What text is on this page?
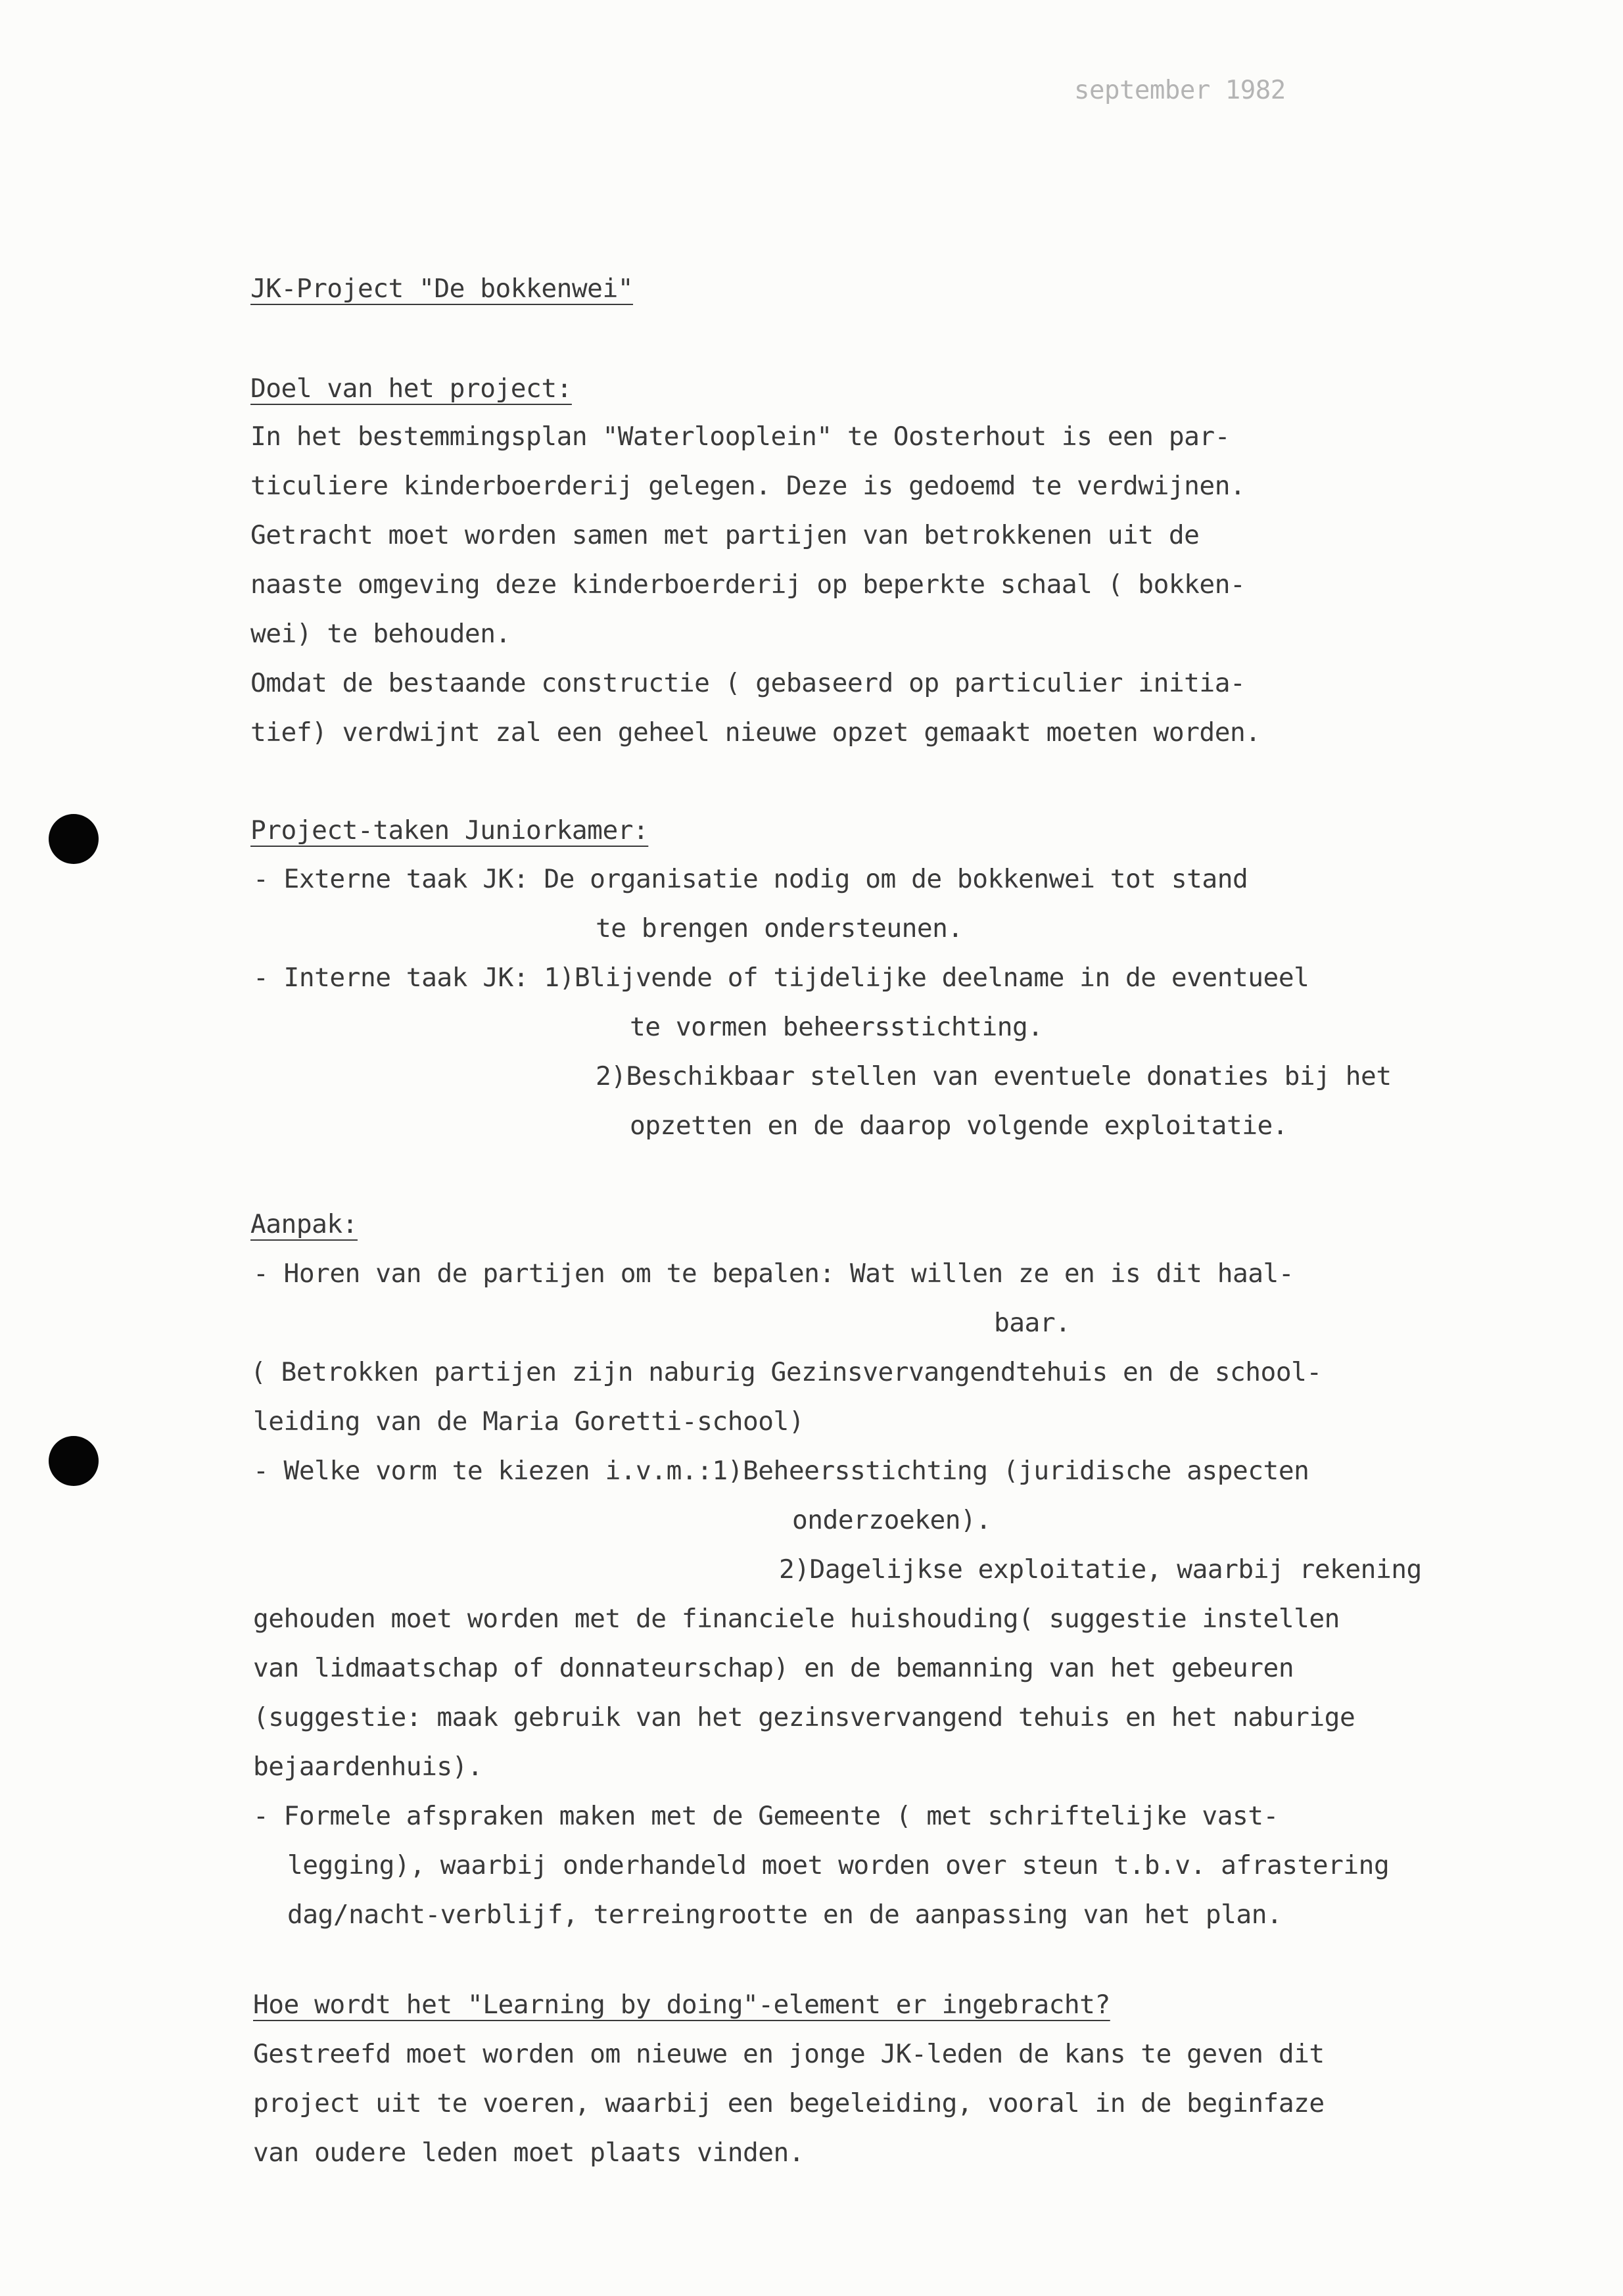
september 1982
JK-Project "De bokkenwei"
Doel van het project:
In het bestemmingsplan "Waterlooplein" te Oosterhout is een par-
ticuliere kinderboerderij gelegen. Deze is gedoemd te verdwijnen.
Getracht moet worden samen met partijen van betrokkenen uit de
naaste omgeving deze kinderboerderij op beperkte schaal ( bokken-
wei) te behouden.
Omdat de bestaande constructie ( gebaseerd op particulier initia-
tief) verdwijnt zal een geheel nieuwe opzet gemaakt moeten worden.
Project-taken Juniorkamer:
- Externe taak JK: De organisatie nodig om de bokkenwei tot stand
te brengen ondersteunen.
- Interne taak JK: 1)Blijvende of tijdelijke deelname in de eventueel
te vormen beheersstichting.
2)Beschikbaar stellen van eventuele donaties bij het
opzetten en de daarop volgende exploitatie.
Aanpak:
- Horen van de partijen om te bepalen: Wat willen ze en is dit haal-
baar.
( Betrokken partijen zijn naburig Gezinsvervangendtehuis en de school-
leiding van de Maria Goretti-school)
- Welke vorm te kiezen i.v.m.:1)Beheersstichting (juridische aspecten
onderzoeken).
2)Dagelijkse exploitatie, waarbij rekening
gehouden moet worden met de financiele huishouding( suggestie instellen
van lidmaatschap of donnateurschap) en de bemanning van het gebeuren
(suggestie: maak gebruik van het gezinsvervangend tehuis en het naburige
bejaardenhuis).
- Formele afspraken maken met de Gemeente ( met schriftelijke vast-
legging), waarbij onderhandeld moet worden over steun t.b.v. afrastering
dag/nacht-verblijf, terreingrootte en de aanpassing van het plan.
Hoe wordt het "Learning by doing"-element er ingebracht?
Gestreefd moet worden om nieuwe en jonge JK-leden de kans te geven dit
project uit te voeren, waarbij een begeleiding, vooral in de beginfaze
van oudere leden moet plaats vinden.
